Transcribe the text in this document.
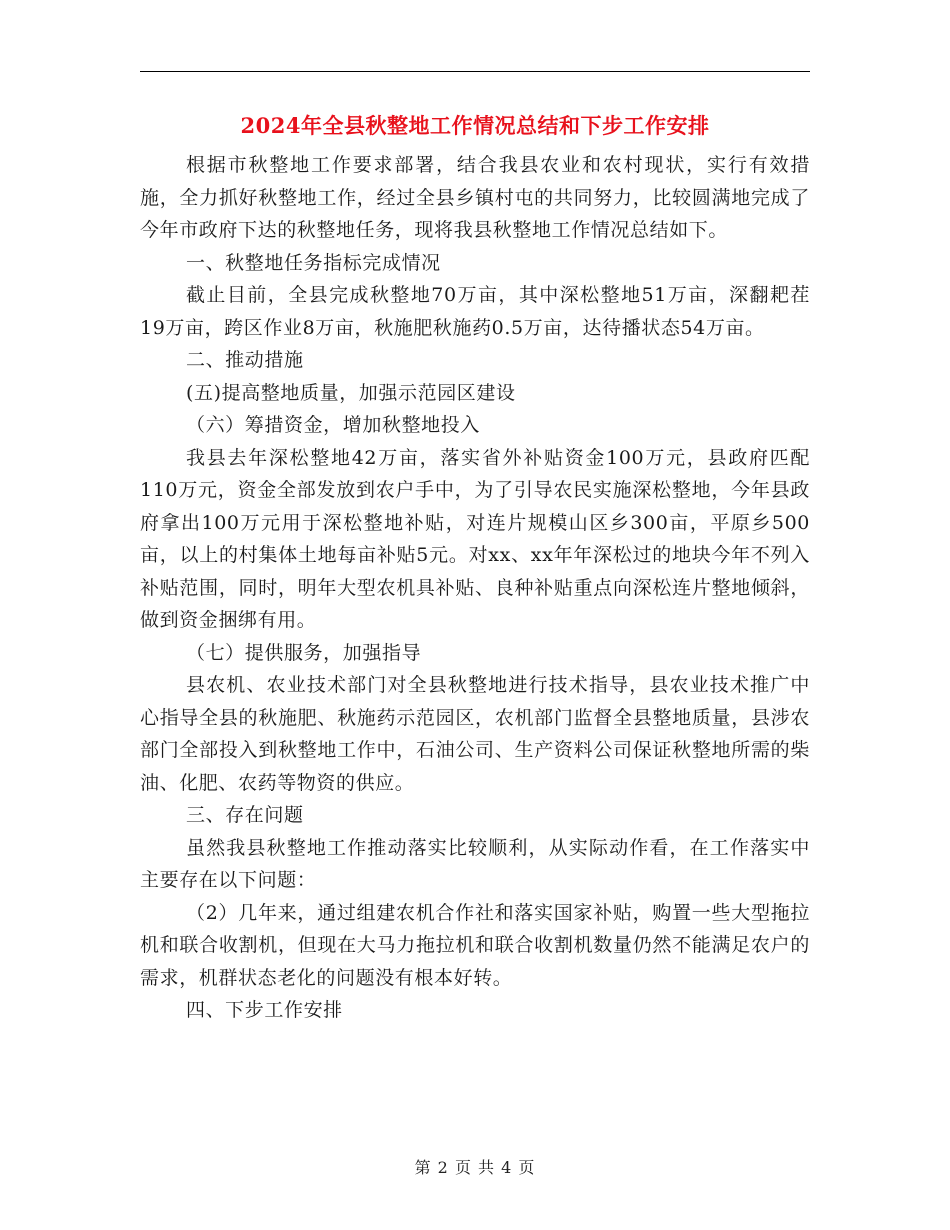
2024年全县秋整地工作情况总结和下步工作安排

根据市秋整地工作要求部署，结合我县农业和农村现状，实行有效措施，全力抓好秋整地工作，经过全县乡镇村屯的共同努力，比较圆满地完成了今年市政府下达的秋整地任务，现将我县秋整地工作情况总结如下。

一、秋整地任务指标完成情况

截止目前，全县完成秋整地70万亩，其中深松整地51万亩，深翻耙茬19万亩，跨区作业8万亩，秋施肥秋施药0.5万亩，达待播状态54万亩。

二、推动措施

(五)提高整地质量，加强示范园区建设

（六）筹措资金，增加秋整地投入

我县去年深松整地42万亩，落实省外补贴资金100万元，县政府匹配110万元，资金全部发放到农户手中，为了引导农民实施深松整地，今年县政府拿出100万元用于深松整地补贴，对连片规模山区乡300亩，平原乡500亩，以上的村集体土地每亩补贴5元。对xx、xx年年深松过的地块今年不列入补贴范围，同时，明年大型农机具补贴、良种补贴重点向深松连片整地倾斜，做到资金捆绑有用。

（七）提供服务，加强指导

县农机、农业技术部门对全县秋整地进行技术指导，县农业技术推广中心指导全县的秋施肥、秋施药示范园区，农机部门监督全县整地质量，县涉农部门全部投入到秋整地工作中，石油公司、生产资料公司保证秋整地所需的柴油、化肥、农药等物资的供应。

三、存在问题

虽然我县秋整地工作推动落实比较顺利，从实际动作看，在工作落实中主要存在以下问题：

（2）几年来，通过组建农机合作社和落实国家补贴，购置一些大型拖拉机和联合收割机，但现在大马力拖拉机和联合收割机数量仍然不能满足农户的需求，机群状态老化的问题没有根本好转。

四、下步工作安排

第 2 页 共 4 页
